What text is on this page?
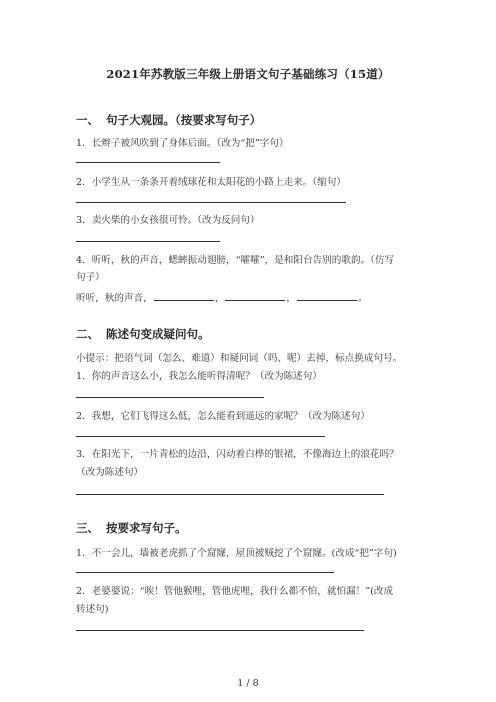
2021年苏教版三年级上册语文句子基础练习（15道）
一、 句子大观园。（按要求写句子）
1．长辫子被风吹到了身体后面。（改为“把”字句）
2．小学生从一条条开着绒球花和太阳花的小路上走来。（缩句）
3．卖火柴的小女孩很可怜。（改为反问句）
4．听听，秋的声音，蟋蟀振动翅膀，“嚯嚯”，是和阳台告别的歌韵。（仿写
句子）
听听，秋的声音，	，	，	。
二、 陈述句变成疑问句。
小提示：把语气词（怎么、难道）和疑问词（吗、呢）去掉，标点换成句号。
1．你的声音这么小，我怎么能听得清呢？（改为陈述句）
2．我想，它们飞得这么低，怎么能看到遥远的家呢？（改为陈述句）
3．在阳光下，一片青松的边沿，闪动着白桦的银裙，不像海边上的浪花吗？
（改为陈述句）
三、 按要求写句子。
1．不一会儿，墙被老虎抓了个窟窿，屋顶被贼挖了个窟窿。(改成“把”字句)
2．老婆婆说：“唉！管他猴哩，管他虎哩，我什么都不怕，就怕漏！”(改成
转述句)
1 / 8
